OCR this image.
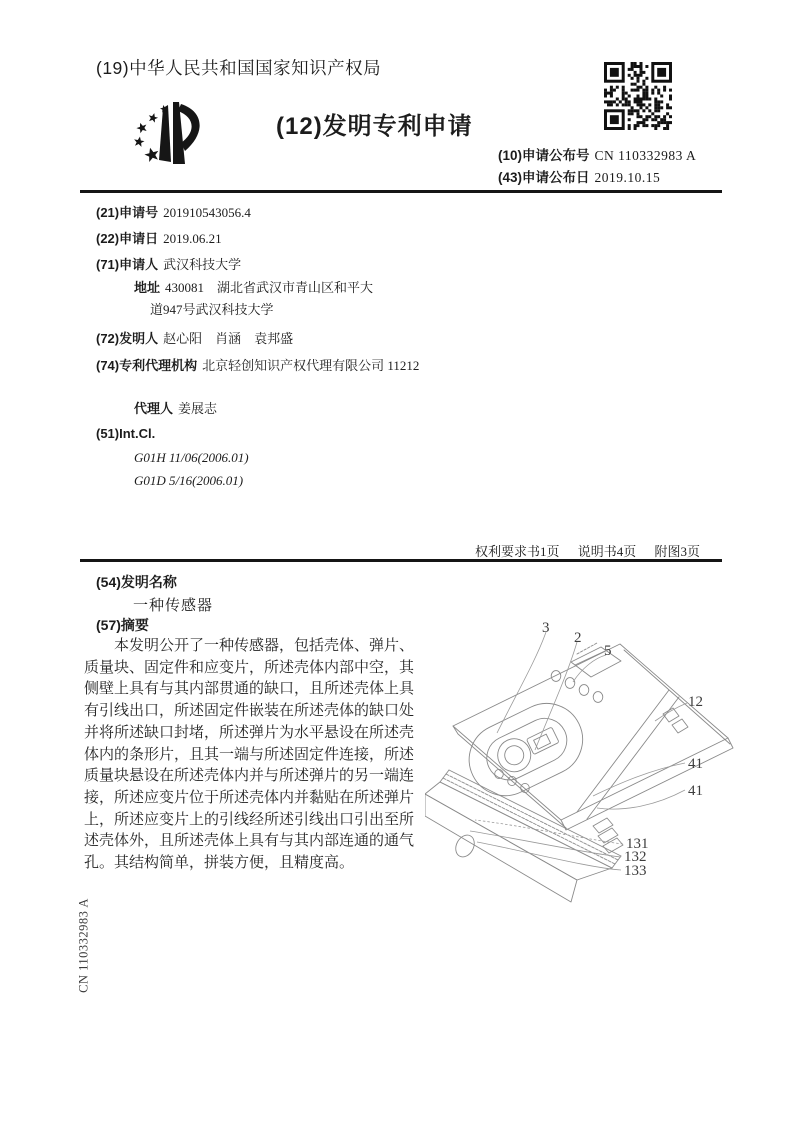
(19)中华人民共和国国家知识产权局
(12)发明专利申请
(10)申请公布号 CN 110332983 A
(43)申请公布日 2019.10.15
(21)申请号 201910543056.4
(22)申请日 2019.06.21
(71)申请人 武汉科技大学
地址 430081　湖北省武汉市青山区和平大道947号武汉科技大学
(72)发明人 赵心阳　肖涵　袁邦盛
(74)专利代理机构 北京轻创知识产权代理有限公司 11212
代理人 姜展志
(51)Int.Cl.
G01H 11/06(2006.01)
G01D 5/16(2006.01)
权利要求书1页 说明书4页 附图3页
(54)发明名称
一种传感器
(57)摘要
本发明公开了一种传感器，包括壳体、弹片、质量块、固定件和应变片，所述壳体内部中空，其侧壁上具有与其内部贯通的缺口，且所述壳体上具有引线出口，所述固定件嵌装在所述壳体的缺口处并将所述缺口封堵，所述弹片为水平悬设在所述壳体内的条形片，且其一端与所述固定件连接，所述质量块悬设在所述壳体内并与所述弹片的另一端连接，所述应变片位于所述壳体内并黏贴在所述弹片上，所述应变片上的引线经所述引线出口引出至所述壳体外，且所述壳体上具有与其内部连通的通气孔。其结构简单，拼装方便，且精度高。
3
2
5
12
41
41
131
132
133
CN 110332983 A
